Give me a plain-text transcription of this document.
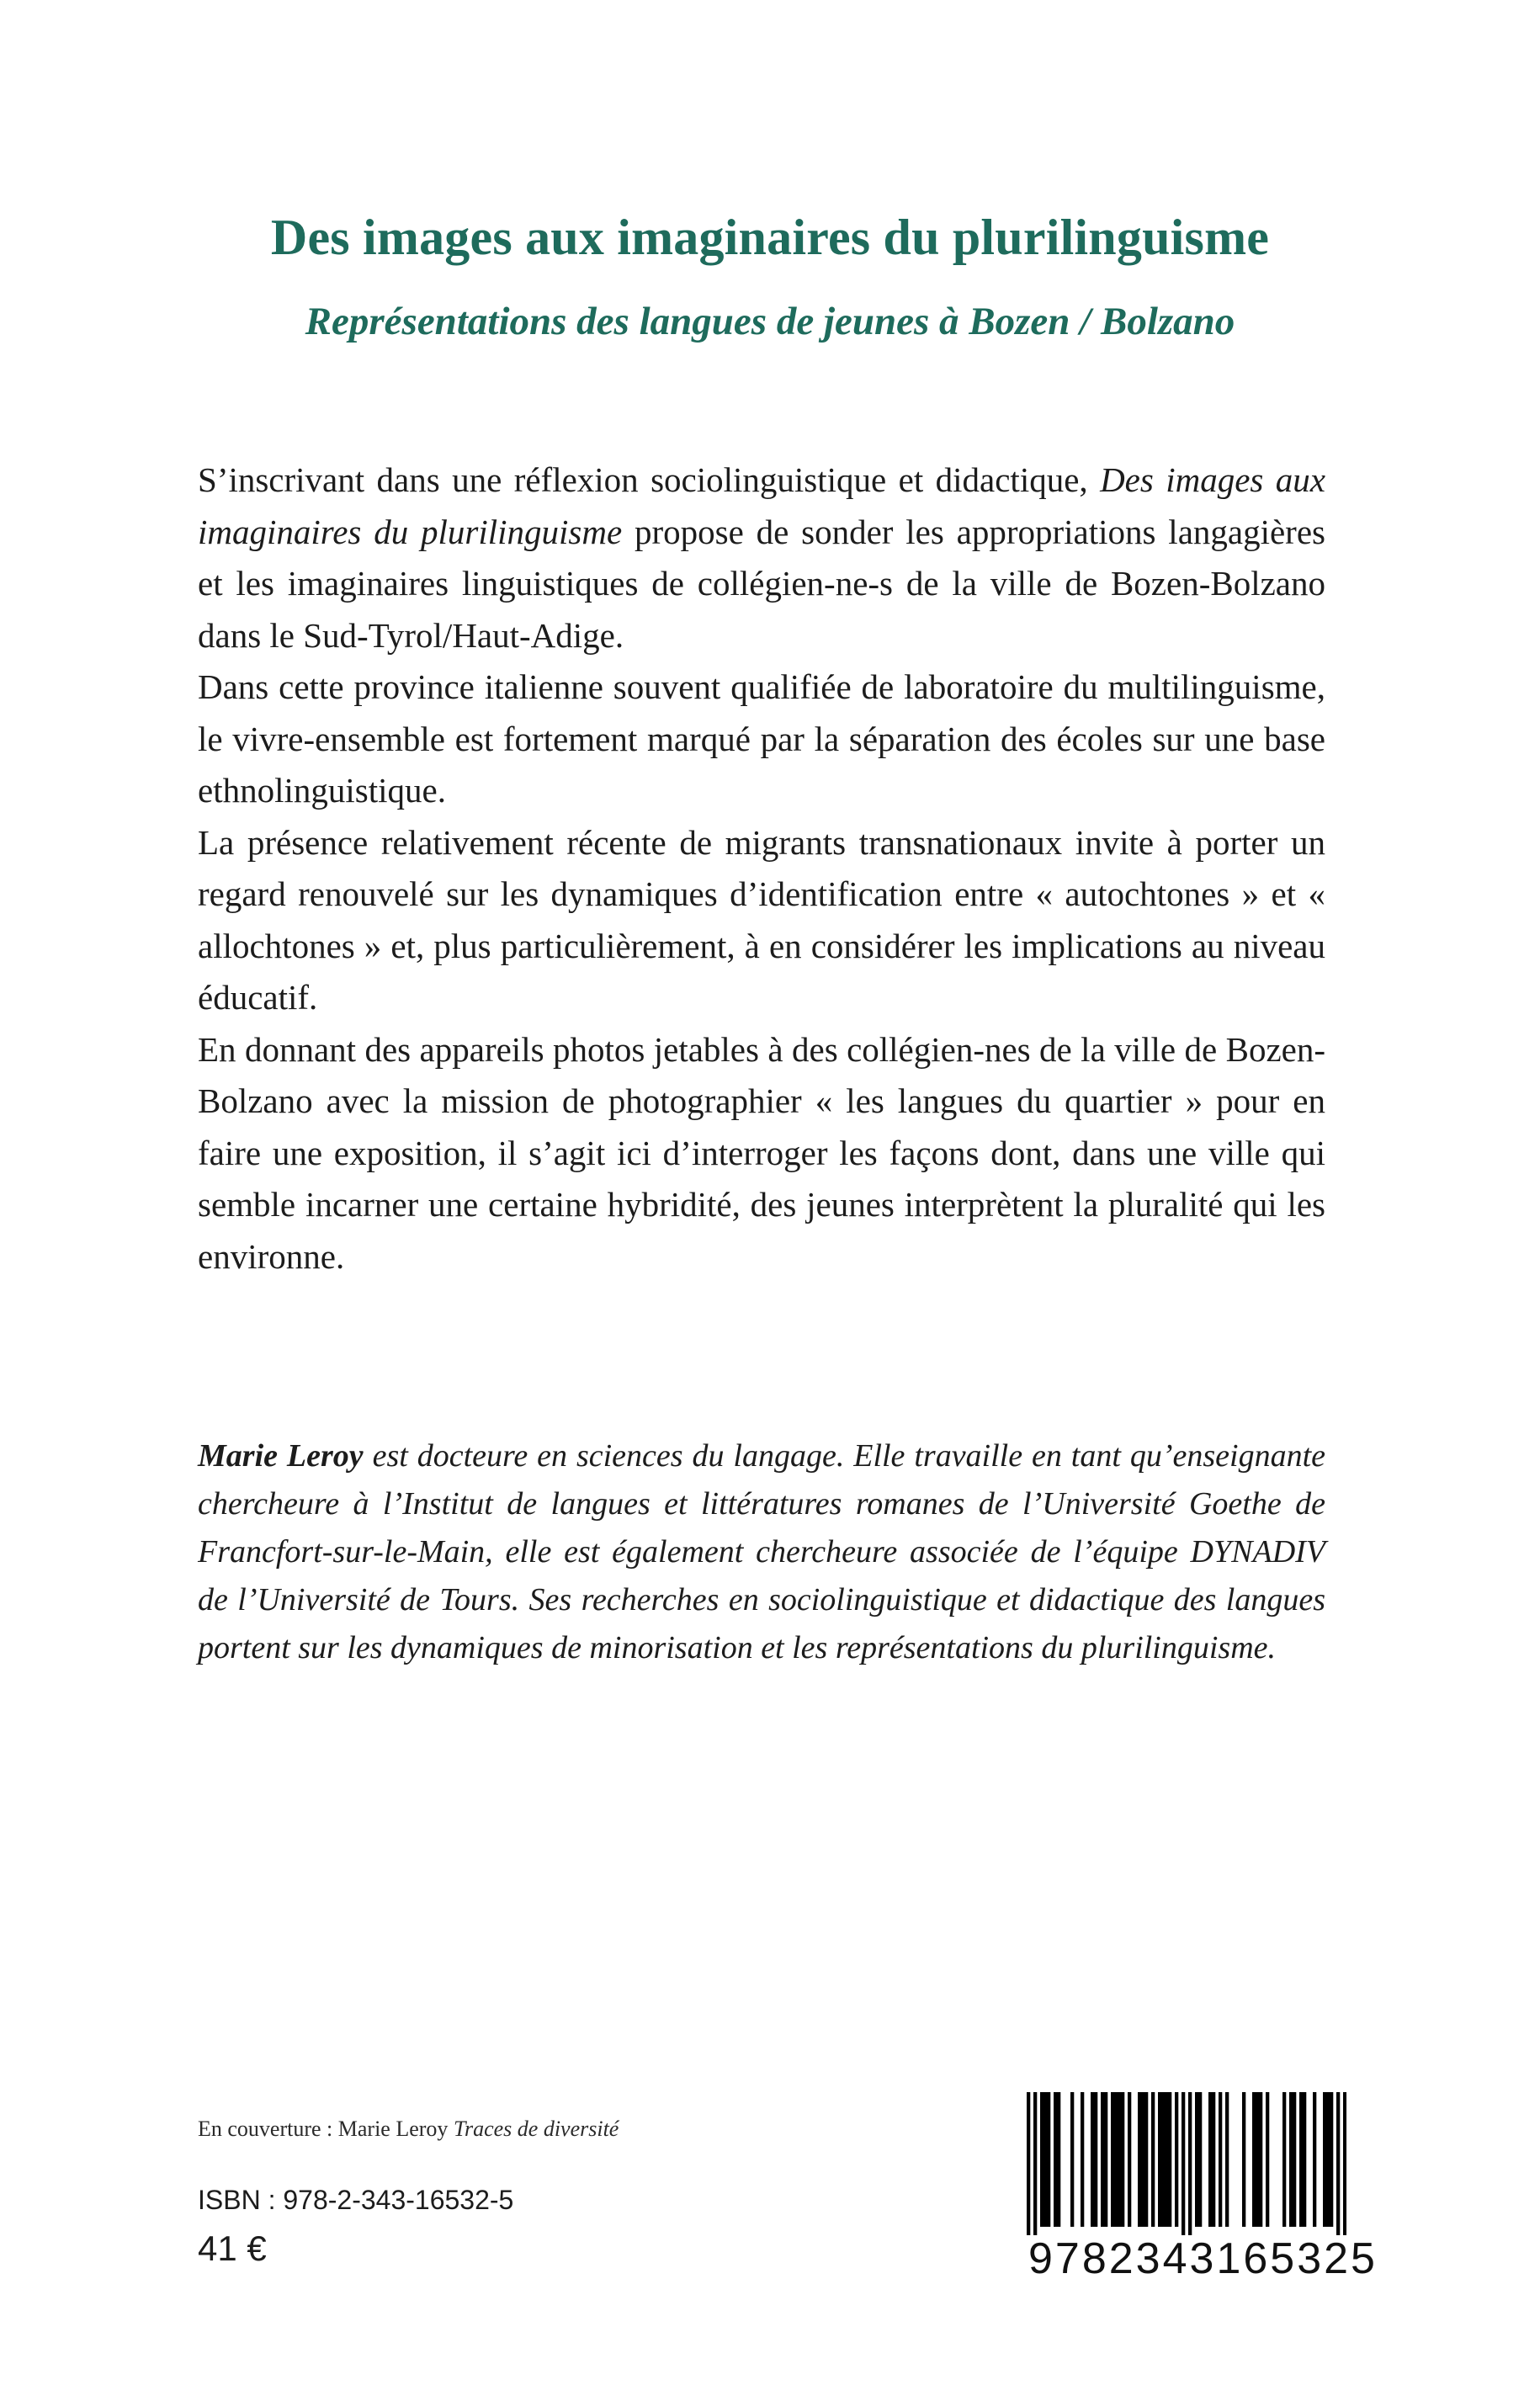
Des images aux imaginaires du plurilinguisme
Représentations des langues de jeunes à Bozen / Bolzano

S’inscrivant dans une réflexion sociolinguistique et didactique, Des images aux imaginaires du plurilinguisme propose de sonder les appropriations langagières et les imaginaires linguistiques de collégien-ne-s de la ville de Bozen-Bolzano dans le Sud-Tyrol/Haut-Adige.

Dans cette province italienne souvent qualifiée de laboratoire du multilinguisme, le vivre-ensemble est fortement marqué par la séparation des écoles sur une base ethnolinguistique.

La présence relativement récente de migrants transnationaux invite à porter un regard renouvelé sur les dynamiques d’identification entre « autochtones » et « allochtones » et, plus particulièrement, à en considérer les implications au niveau éducatif.

En donnant des appareils photos jetables à des collégien-nes de la ville de Bozen-Bolzano avec la mission de photographier « les langues du quartier » pour en faire une exposition, il s’agit ici d’interroger les façons dont, dans une ville qui semble incarner une certaine hybridité, des jeunes interprètent la pluralité qui les environne.

Marie Leroy est docteure en sciences du langage. Elle travaille en tant qu’enseignante chercheure à l’Institut de langues et littératures romanes de l’Université Goethe de Francfort-sur-le-Main, elle est également chercheure associée de l’équipe DYNADIV de l’Université de Tours. Ses recherches en sociolinguistique et didactique des langues portent sur les dynamiques de minorisation et les représentations du plurilinguisme.
En couverture : Marie Leroy Traces de diversité
ISBN : 978-2-343-16532-5
41 €	9782343165325
